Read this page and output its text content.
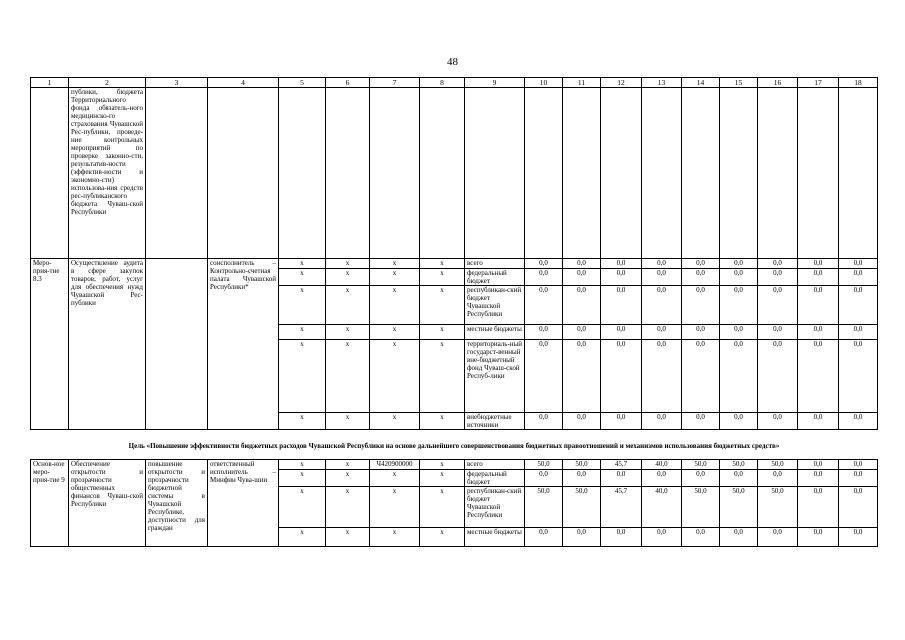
48
1	2	3	4	5	6	7	8	9	10	11	12	13	14	15	16	17	18
	публики, бюджета Территориального фонда обязатель-ного медицинско-го страхования Чувашской Рес-публики, проведе-ние контрольных мероприятий по проверке законно-сти, результатив-ности (эффектив-ности и экономно-сти) использова-ния средств рес-публиканского бюджета Чуваш-ской Республики																
Меро-прия-тие 8.3	Осуществление аудита в сфере закупок товаров, работ, услуг для обеспечения нужд Чувашской Рес-публики		соисполнитель – Контрольно-счетная палата Чувашской Республики*	x	x	x	x	всего	0,0	0,0	0,0	0,0	0,0	0,0	0,0	0,0	0,0
				x	x	x	x	федеральный бюджет	0,0	0,0	0,0	0,0	0,0	0,0	0,0	0,0	0,0
				x	x	x	x	республикан-ский бюджет Чувашской Республики	0,0	0,0	0,0	0,0	0,0	0,0	0,0	0,0	0,0
				x	x	x	x	местные бюджеты	0,0	0,0	0,0	0,0	0,0	0,0	0,0	0,0	0,0
				x	x	x	x	территориаль-ный государст-венный вне-бюджетный фонд Чуваш-ской Респуб-лики	0,0	0,0	0,0	0,0	0,0	0,0	0,0	0,0	0,0
				x	x	x	x	внебюджетные источники	0,0	0,0	0,0	0,0	0,0	0,0	0,0	0,0	0,0
Цель «Повышение эффективности бюджетных расходов Чувашской Республики на основе дальнейшего совершенствования бюджетных правоотношений и механизмов использования бюджетных средств»																	
Основ-ное меро-прия-тие 9	Обеспечение открытости и прозрачности общественных финансов Чуваш-ской Республики	повышение открытости и прозрачности бюджетной системы в Чувашской Республике, доступности для граждан	ответственный исполнитель – Минфин Чува-шии	x	x	Ч420900000	x	всего	50,0	50,0	45,7	40,0	50,0	50,0	50,0	0,0	0,0
				x	x	x	x	федеральный бюджет	0,0	0,0	0,0	0,0	0,0	0,0	0,0	0,0	0,0
				x	x	x	x	республикан-ский бюджет Чувашской Республики	50,0	50,0	45,7	40,0	50,0	50,0	50,0	0,0	0,0
				x	x	x	x	местные бюджеты	0,0	0,0	0,0	0,0	0,0	0,0	0,0	0,0	0,0
